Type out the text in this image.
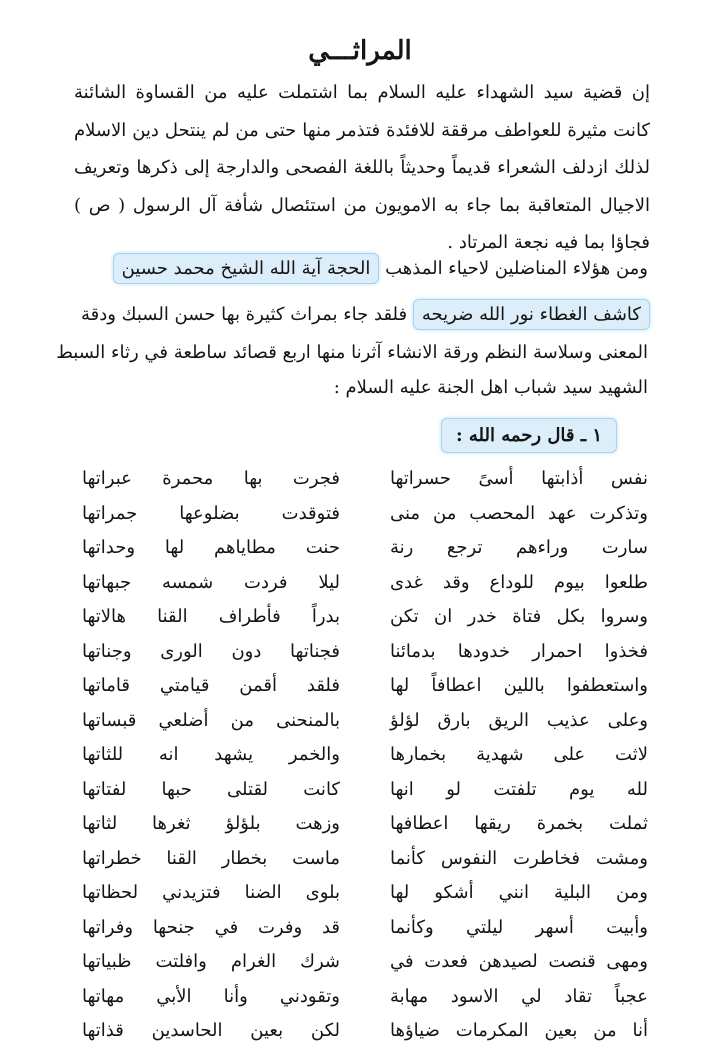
المراثـــي
إن قضية سيد الشهداء عليه السلام بما اشتملت عليه من القساوة الشائنة كانت مثيرة للعواطف مرققة للافئدة فتذمر منها حتى من لم ينتحل دين الاسلام لذلك ازدلف الشعراء قديماً وحديثاً باللغة الفصحى والدارجة إلى ذكرها وتعريف الاجيال المتعاقبة بما جاء به الامويون من استئصال شأفة آل الرسول ( ص ) فجاؤا بما فيه نجعة المرتاد .
ومن هؤلاء المناضلين لاحياء المذهب الحجة آية الله الشيخ محمد حسين
كاشف الغطاء نور الله ضريحه فلقد جاء بمراث كثيرة بها حسن السبك ودقة
المعنى وسلاسة النظم ورقة الانشاء آثرنا منها اربع قصائد ساطعة في رثاء السبط
الشهيد سيد شباب اهل الجنة عليه السلام :
١ ـ قال رحمه الله :
نفس أذابتها أسىً حسراتها
وتذكرت عهد المحصب من منى
سارت وراءهم ترجع رنة
طلعوا بيوم للوداع وقد غدى
وسروا بكل فتاة خدر ان تكن
فخذوا احمرار خدودها بدمائنا
واستعطفوا باللين اعطافاً لها
وعلى عذيب الريق بارق لؤلؤ
لاثت على شهدية بخمارها
لله يوم تلفتت لو انها
ثملت بخمرة ريقها اعطافها
ومشت فخاطرت النفوس كأنما
ومن البلية انني أشكو لها
وأبيت أسهر ليلتي وكأنما
ومهى قنصت لصيدهن فعدت في
عجباً تقاد لي الاسود مهابة
أنا من بعين المكرمات ضياؤها
فجرت بها محمرة عبراتها
فتوقدت بضلوعها جمراتها
حنت مطاياهم لها وحداتها
ليلا فردت شمسه جبهاتها
بدراً فأطراف القنا هالاتها
فجناتها دون الورى وجناتها
فلقد أقمن قيامتي قاماتها
بالمنحنى من أضلعي قبساتها
والخمر يشهد انه للثاتها
كانت لقتلى حبها لفتاتها
وزهت بلؤلؤ ثغرها لثاتها
ماست بخطار القنا خطراتها
بلوى الضنا فتزيدني لحظاتها
قد وفرت في جنحها وفراتها
شرك الغرام وافلتت ظبياتها
وتقودني وأنا الأبي مهاتها
لكن بعين الحاسدين قذاتها
